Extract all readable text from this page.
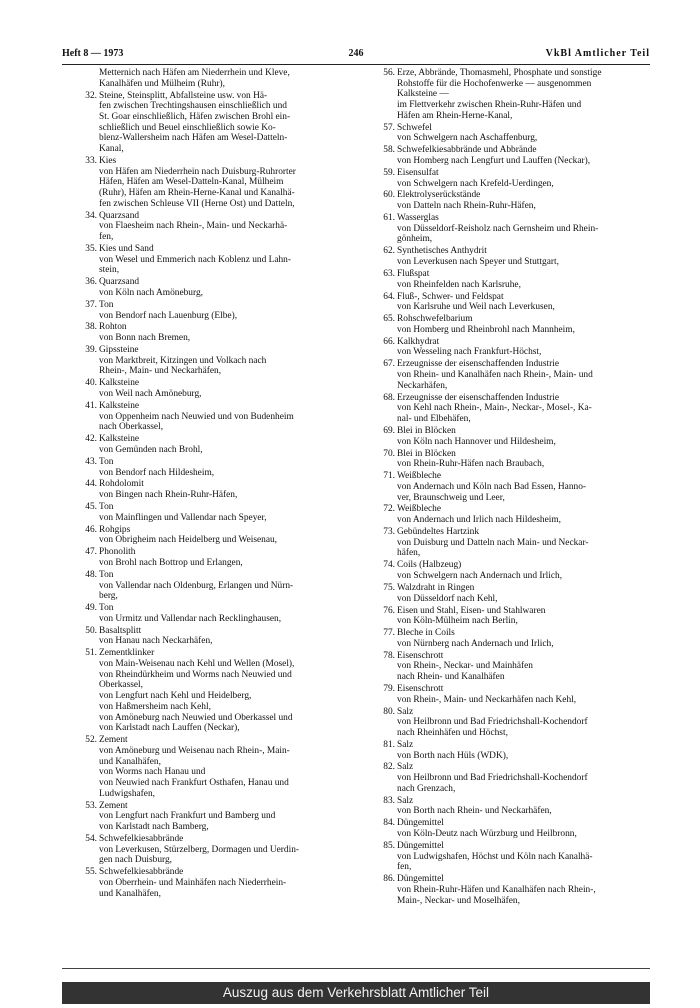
Heft 8 — 1973	246	VkBl Amtlicher Teil
Metternich nach Häfen am Niederrhein und Kleve,
Kanalhäfen und Mülheim (Ruhr),
32. Steine, Steinsplitt, Abfallsteine usw. von Hä-
fen zwischen Trechtingshausen einschließlich und
St. Goar einschließlich, Häfen zwischen Brohl ein-
schließlich und Beuel einschließlich sowie Ko-
blenz-Wallersheim nach Häfen am Wesel-Datteln-
Kanal,
33. Kies
von Häfen am Niederrhein nach Duisburg-Ruhrorter
Häfen, Häfen am Wesel-Datteln-Kanal, Mülheim
(Ruhr), Häfen am Rhein-Herne-Kanal und Kanalhä-
fen zwischen Schleuse VII (Herne Ost) und Datteln,
34. Quarzsand
von Flaesheim nach Rhein-, Main- und Neckarhä-
fen,
35. Kies und Sand
von Wesel und Emmerich nach Koblenz und Lahn-
stein,
36. Quarzsand
von Köln nach Amöneburg,
37. Ton
von Bendorf nach Lauenburg (Elbe),
38. Rohton
von Bonn nach Bremen,
39. Gipssteine
von Marktbreit, Kitzingen und Volkach nach
Rhein-, Main- und Neckarhäfen,
40. Kalksteine
von Weil nach Amöneburg,
41. Kalksteine
von Oppenheim nach Neuwied und von Budenheim
nach Oberkassel,
42. Kalksteine
von Gemünden nach Brohl,
43. Ton
von Bendorf nach Hildesheim,
44. Rohdolomit
von Bingen nach Rhein-Ruhr-Häfen,
45. Ton
von Mainflingen und Vallendar nach Speyer,
46. Rohgips
von Obrigheim nach Heidelberg und Weisenau,
47. Phonolith
von Brohl nach Bottrop und Erlangen,
48. Ton
von Vallendar nach Oldenburg, Erlangen und Nürn-
berg,
49. Ton
von Urmitz und Vallendar nach Recklinghausen,
50. Basaltsplitt
von Hanau nach Neckarhäfen,
51. Zementklinker
von Main-Weisenau nach Kehl und Wellen (Mosel),
von Rheindürkheim und Worms nach Neuwied und
Oberkassel,
von Lengfurt nach Kehl und Heidelberg,
von Haßmersheim nach Kehl,
von Amöneburg nach Neuwied und Oberkassel und
von Karlstadt nach Lauffen (Neckar),
52. Zement
von Amöneburg und Weisenau nach Rhein-, Main-
und Kanalhäfen,
von Worms nach Hanau und
von Neuwied nach Frankfurt Osthafen, Hanau und
Ludwigshafen,
53. Zement
von Lengfurt nach Frankfurt und Bamberg und
von Karlstadt nach Bamberg,
54. Schwefelkiesabbrände
von Leverkusen, Stürzelberg, Dormagen und Uerdin-
gen nach Duisburg,
55. Schwefelkiesabbrände
von Oberrhein- und Mainhäfen nach Niederrhein-
und Kanalhäfen,
56. Erze, Abbrände, Thomasmehl, Phosphate und sonstige
Rohstoffe für die Hochofenwerke — ausgenommen
Kalksteine —
im Flettverkehr zwischen Rhein-Ruhr-Häfen und
Häfen am Rhein-Herne-Kanal,
57. Schwefel
von Schwelgern nach Aschaffenburg,
58. Schwefelkiesabbrände und Abbrände
von Homberg nach Lengfurt und Lauffen (Neckar),
59. Eisensulfat
von Schwelgern nach Krefeld-Uerdingen,
60. Elektrolyserückstände
von Datteln nach Rhein-Ruhr-Häfen,
61. Wasserglas
von Düsseldorf-Reisholz nach Gernsheim und Rhein-
gönheim,
62. Synthetisches Anthydrit
von Leverkusen nach Speyer und Stuttgart,
63. Flußspat
von Rheinfelden nach Karlsruhe,
64. Fluß-, Schwer- und Feldspat
von Karlsruhe und Weil nach Leverkusen,
65. Rohschwefelbarium
von Homberg und Rheinbrohl nach Mannheim,
66. Kalkhydrat
von Wesseling nach Frankfurt-Höchst,
67. Erzeugnisse der eisenschaffenden Industrie
von Rhein- und Kanalhäfen nach Rhein-, Main- und
Neckarhäfen,
68. Erzeugnisse der eisenschaffenden Industrie
von Kehl nach Rhein-, Main-, Neckar-, Mosel-, Ka-
nal- und Elbehäfen,
69. Blei in Blöcken
von Köln nach Hannover und Hildesheim,
70. Blei in Blöcken
von Rhein-Ruhr-Häfen nach Braubach,
71. Weißbleche
von Andernach und Köln nach Bad Essen, Hanno-
ver, Braunschweig und Leer,
72. Weißbleche
von Andernach und Irlich nach Hildesheim,
73. Gebündeltes Hartzink
von Duisburg und Datteln nach Main- und Neckar-
häfen,
74. Coils (Halbzeug)
von Schwelgern nach Andernach und Irlich,
75. Walzdraht in Ringen
von Düsseldorf nach Kehl,
76. Eisen und Stahl, Eisen- und Stahlwaren
von Köln-Mülheim nach Berlin,
77. Bleche in Coils
von Nürnberg nach Andernach und Irlich,
78. Eisenschrott
von Rhein-, Neckar- und Mainhäfen
nach Rhein- und Kanalhäfen
79. Eisenschrott
von Rhein-, Main- und Neckarhäfen nach Kehl,
80. Salz
von Heilbronn und Bad Friedrichshall-Kochendorf
nach Rheinhäfen und Höchst,
81. Salz
von Borth nach Hüls (WDK),
82. Salz
von Heilbronn und Bad Friedrichshall-Kochendorf
nach Grenzach,
83. Salz
von Borth nach Rhein- und Neckarhäfen,
84. Düngemittel
von Köln-Deutz nach Würzburg und Heilbronn,
85. Düngemittel
von Ludwigshafen, Höchst und Köln nach Kanalhä-
fen,
86. Düngemittel
von Rhein-Ruhr-Häfen und Kanalhäfen nach Rhein-,
Main-, Neckar- und Moselhäfen,
Auszug aus dem Verkehrsblatt Amtlicher Teil
